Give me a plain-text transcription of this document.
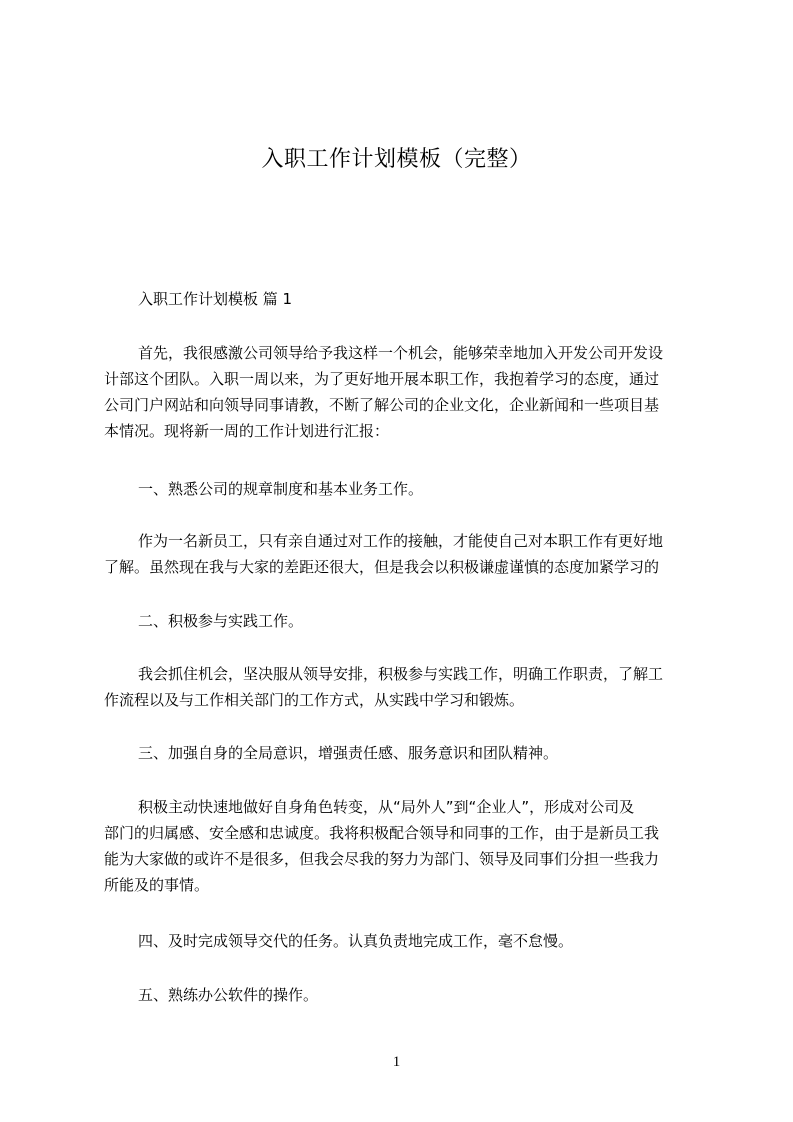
入职工作计划模板（完整）
入职工作计划模板 篇 1
首先，我很感激公司领导给予我这样一个机会，能够荣幸地加入开发公司开发设
计部这个团队。入职一周以来，为了更好地开展本职工作，我抱着学习的态度，通过
公司门户网站和向领导同事请教，不断了解公司的企业文化，企业新闻和一些项目基
本情况。现将新一周的工作计划进行汇报：
一、熟悉公司的规章制度和基本业务工作。
作为一名新员工，只有亲自通过对工作的接触，才能使自己对本职工作有更好地
了解。虽然现在我与大家的差距还很大，但是我会以积极谦虚谨慎的态度加紧学习的
二、积极参与实践工作。
我会抓住机会，坚决服从领导安排，积极参与实践工作，明确工作职责，了解工
作流程以及与工作相关部门的工作方式，从实践中学习和锻炼。
三、加强自身的全局意识，增强责任感、服务意识和团队精神。
积极主动快速地做好自身角色转变，从“局外人”到“企业人”，形成对公司及
部门的归属感、安全感和忠诚度。我将积极配合领导和同事的工作，由于是新员工我
能为大家做的或许不是很多，但我会尽我的努力为部门、领导及同事们分担一些我力
所能及的事情。
四、及时完成领导交代的任务。认真负责地完成工作，毫不怠慢。
五、熟练办公软件的操作。
1
